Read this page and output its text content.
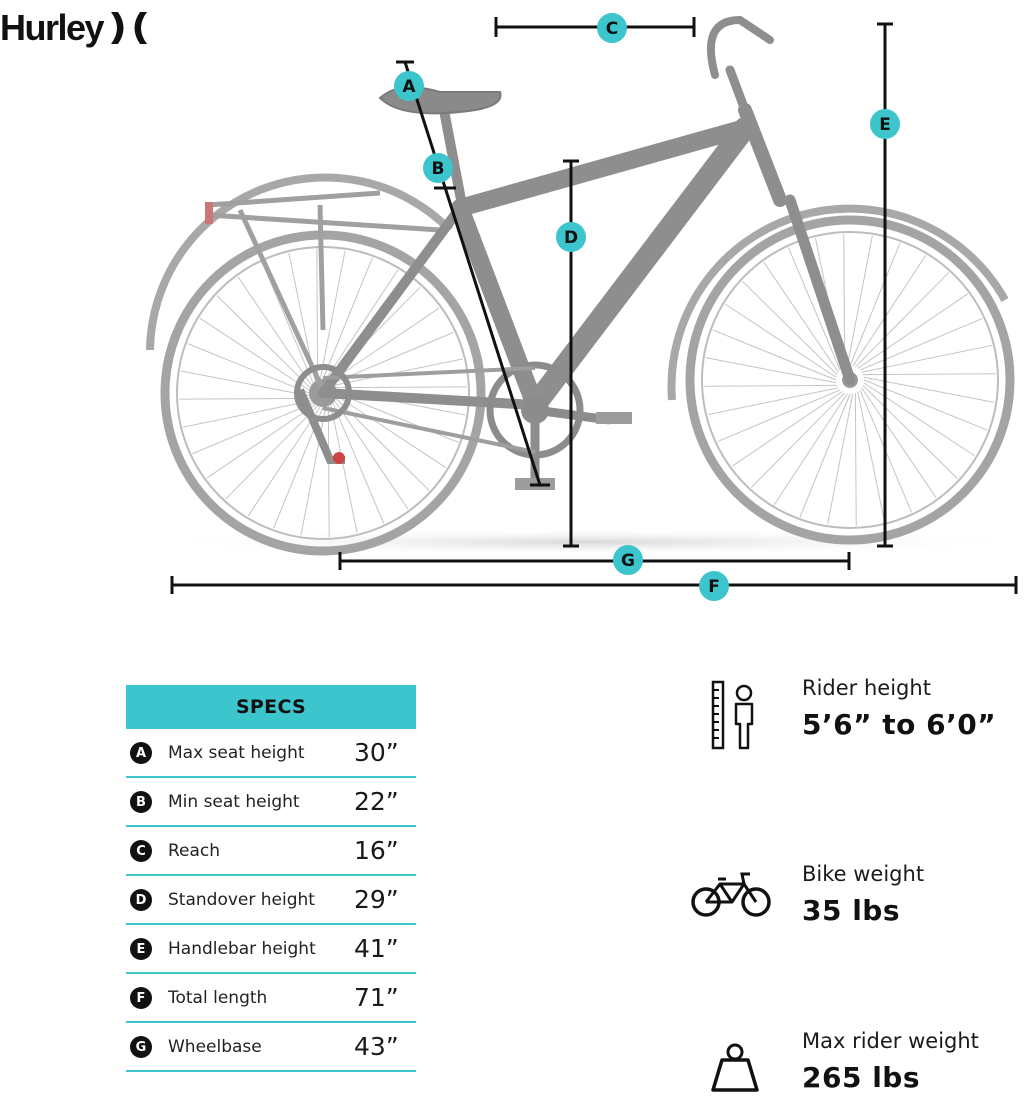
Hurley
A
B
C
D
E
G
F
SPECS
A	Max seat height 30”
B	Min seat height 22”
C	Reach	16”
D	Standover height 29”
E	Handlebar height 41”
F	Total length	71”
G	Wheelbase	43”
Rider height
5’6” to 6’0”
Bike weight
35 lbs
Max rider weight
265 lbs
